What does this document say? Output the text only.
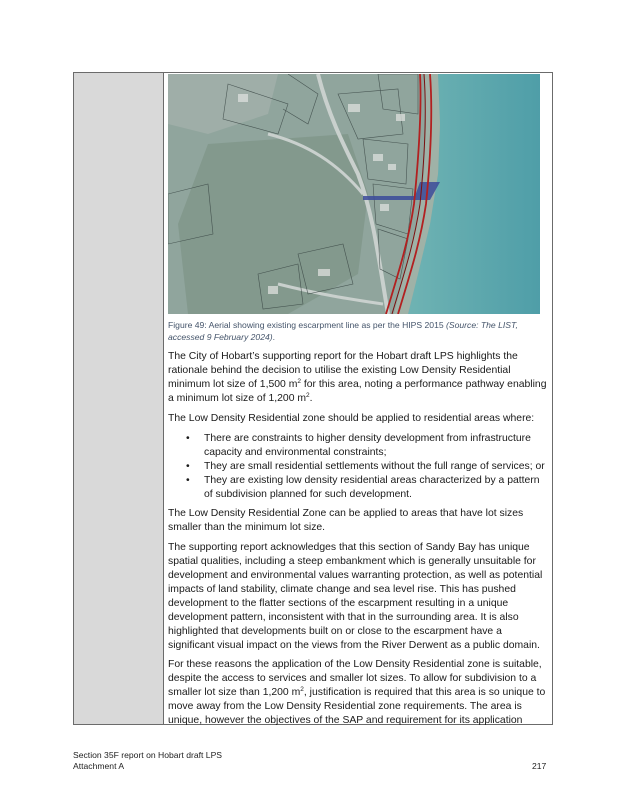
Figure 49: Aerial showing existing escarpment line as per the HIPS 2015 (Source: The LIST, accessed 9 February 2024).

The City of Hobart’s supporting report for the Hobart draft LPS highlights the rationale behind the decision to utilise the existing Low Density Residential minimum lot size of 1,500 $m^2$ for this area, noting a performance pathway enabling a minimum lot size of 1,200 $m^2$.

The Low Density Residential zone should be applied to residential areas where:

• There are constraints to higher density development from infrastructure capacity and environmental constraints;
• They are small residential settlements without the full range of services; or
• They are existing low density residential areas characterized by a pattern of subdivision planned for such development.

The Low Density Residential Zone can be applied to areas that have lot sizes smaller than the minimum lot size.

The supporting report acknowledges that this section of Sandy Bay has unique spatial qualities, including a steep embankment which is generally unsuitable for development and environmental values warranting protection, as well as potential impacts of land stability, climate change and sea level rise. This has pushed development to the flatter sections of the escarpment resulting in a unique development pattern, inconsistent with that in the surrounding area. It is also highlighted that developments built on or close to the escarpment have a significant visual impact on the views from the River Derwent as a public domain.

For these reasons the application of the Low Density Residential zone is suitable, despite the access to services and smaller lot sizes. To allow for subdivision to a smaller lot size than 1,200 $m^2$, justification is required that this area is so unique to move away from the Low Density Residential zone requirements. The area is unique, however the objectives of the SAP and requirement for its application

Section 35F report on Hobart draft LPS
Attachment A	217
